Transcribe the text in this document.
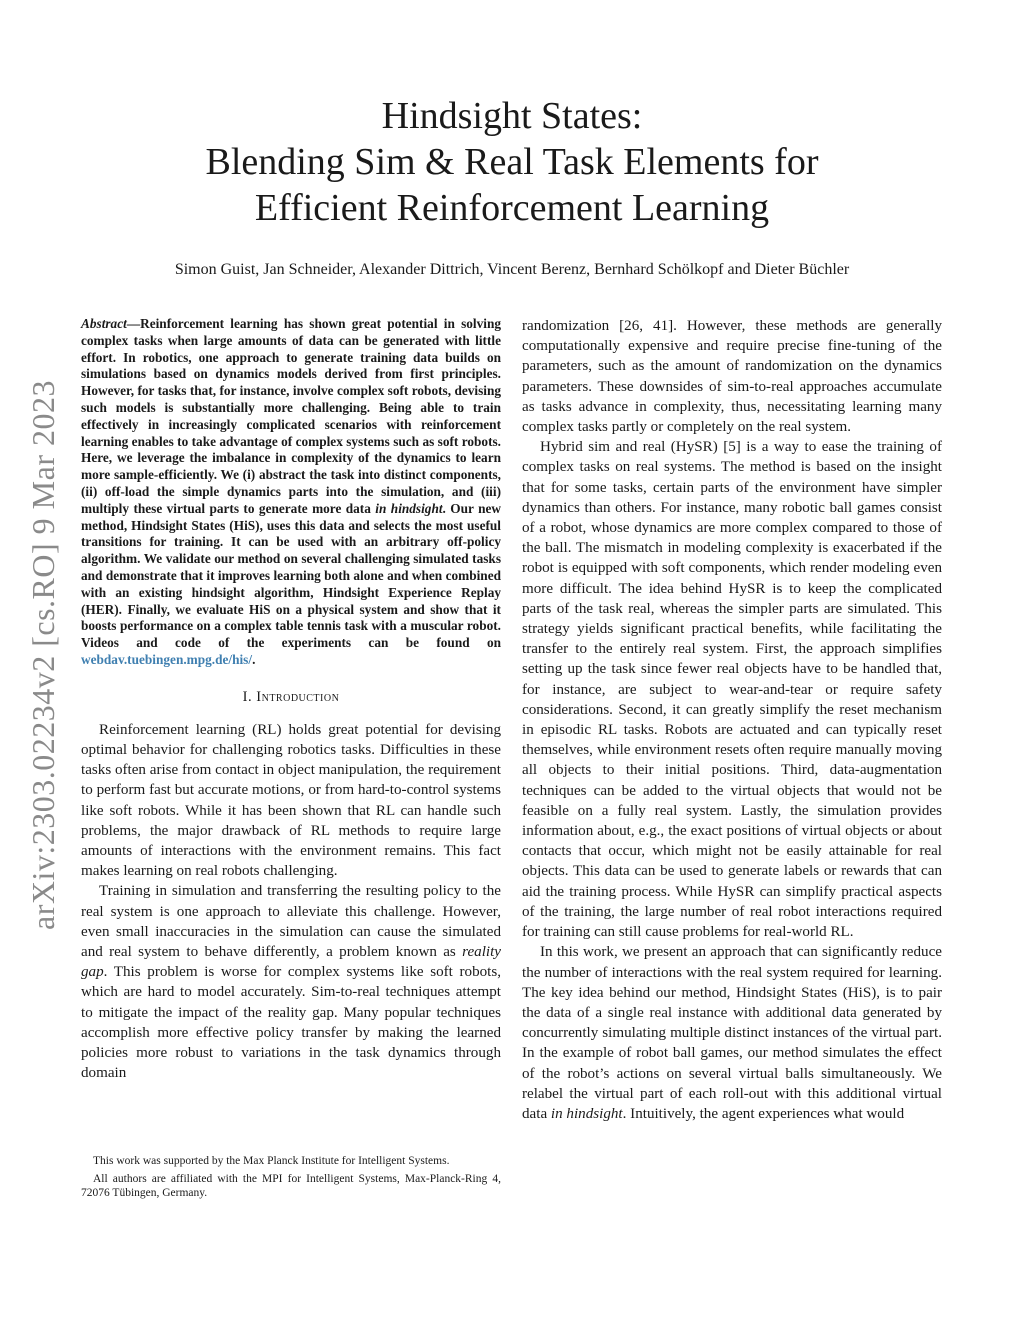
arXiv:2303.02234v2 [cs.RO] 9 Mar 2023
Hindsight States:
Blending Sim & Real Task Elements for
Efficient Reinforcement Learning
Simon Guist, Jan Schneider, Alexander Dittrich, Vincent Berenz, Bernhard Schölkopf and Dieter Büchler

Abstract—Reinforcement learning has shown great potential in solving complex tasks when large amounts of data can be generated with little effort. In robotics, one approach to generate training data builds on simulations based on dynamics models derived from first principles. However, for tasks that, for instance, involve complex soft robots, devising such models is substantially more challenging. Being able to train effectively in increasingly complicated scenarios with reinforcement learning enables to take advantage of complex systems such as soft robots. Here, we leverage the imbalance in complexity of the dynamics to learn more sample-efficiently. We (i) abstract the task into distinct components, (ii) off-load the simple dynamics parts into the simulation, and (iii) multiply these virtual parts to generate more data in hindsight. Our new method, Hindsight States (HiS), uses this data and selects the most useful transitions for training. It can be used with an arbitrary off-policy algorithm. We validate our method on several challenging simulated tasks and demonstrate that it improves learning both alone and when combined with an existing hindsight algorithm, Hindsight Experience Replay (HER). Finally, we evaluate HiS on a physical system and show that it boosts performance on a complex table tennis task with a muscular robot. Videos and code of the experiments can be found on webdav.tuebingen.mpg.de/his/.

I. Introduction

Reinforcement learning (RL) holds great potential for devising optimal behavior for challenging robotics tasks. Difficulties in these tasks often arise from contact in object manipulation, the requirement to perform fast but accurate motions, or from hard-to-control systems like soft robots. While it has been shown that RL can handle such problems, the major drawback of RL methods to require large amounts of interactions with the environment remains. This fact makes learning on real robots challenging.

Training in simulation and transferring the resulting policy to the real system is one approach to alleviate this challenge. However, even small inaccuracies in the simulation can cause the simulated and real system to behave differently, a problem known as reality gap. This problem is worse for complex systems like soft robots, which are hard to model accurately. Sim-to-real techniques attempt to mitigate the impact of the reality gap. Many popular techniques accomplish more effective policy transfer by making the learned policies more robust to variations in the task dynamics through domain

This work was supported by the Max Planck Institute for Intelligent Systems.

All authors are affiliated with the MPI for Intelligent Systems, Max-Planck-Ring 4, 72076 Tübingen, Germany.

randomization [26, 41]. However, these methods are generally computationally expensive and require precise fine-tuning of the parameters, such as the amount of randomization on the dynamics parameters. These downsides of sim-to-real approaches accumulate as tasks advance in complexity, thus, necessitating learning many complex tasks partly or completely on the real system.

Hybrid sim and real (HySR) [5] is a way to ease the training of complex tasks on real systems. The method is based on the insight that for some tasks, certain parts of the environment have simpler dynamics than others. For instance, many robotic ball games consist of a robot, whose dynamics are more complex compared to those of the ball. The mismatch in modeling complexity is exacerbated if the robot is equipped with soft components, which render modeling even more difficult. The idea behind HySR is to keep the complicated parts of the task real, whereas the simpler parts are simulated. This strategy yields significant practical benefits, while facilitating the transfer to the entirely real system. First, the approach simplifies setting up the task since fewer real objects have to be handled that, for instance, are subject to wear-and-tear or require safety considerations. Second, it can greatly simplify the reset mechanism in episodic RL tasks. Robots are actuated and can typically reset themselves, while environment resets often require manually moving all objects to their initial positions. Third, data-augmentation techniques can be added to the virtual objects that would not be feasible on a fully real system. Lastly, the simulation provides information about, e.g., the exact positions of virtual objects or about contacts that occur, which might not be easily attainable for real objects. This data can be used to generate labels or rewards that can aid the training process. While HySR can simplify practical aspects of the training, the large number of real robot interactions required for training can still cause problems for real-world RL.

In this work, we present an approach that can significantly reduce the number of interactions with the real system required for learning. The key idea behind our method, Hindsight States (HiS), is to pair the data of a single real instance with additional data generated by concurrently simulating multiple distinct instances of the virtual part. In the example of robot ball games, our method simulates the effect of the robot’s actions on several virtual balls simultaneously. We relabel the virtual part of each roll-out with this additional virtual data in hindsight. Intuitively, the agent experiences what would
